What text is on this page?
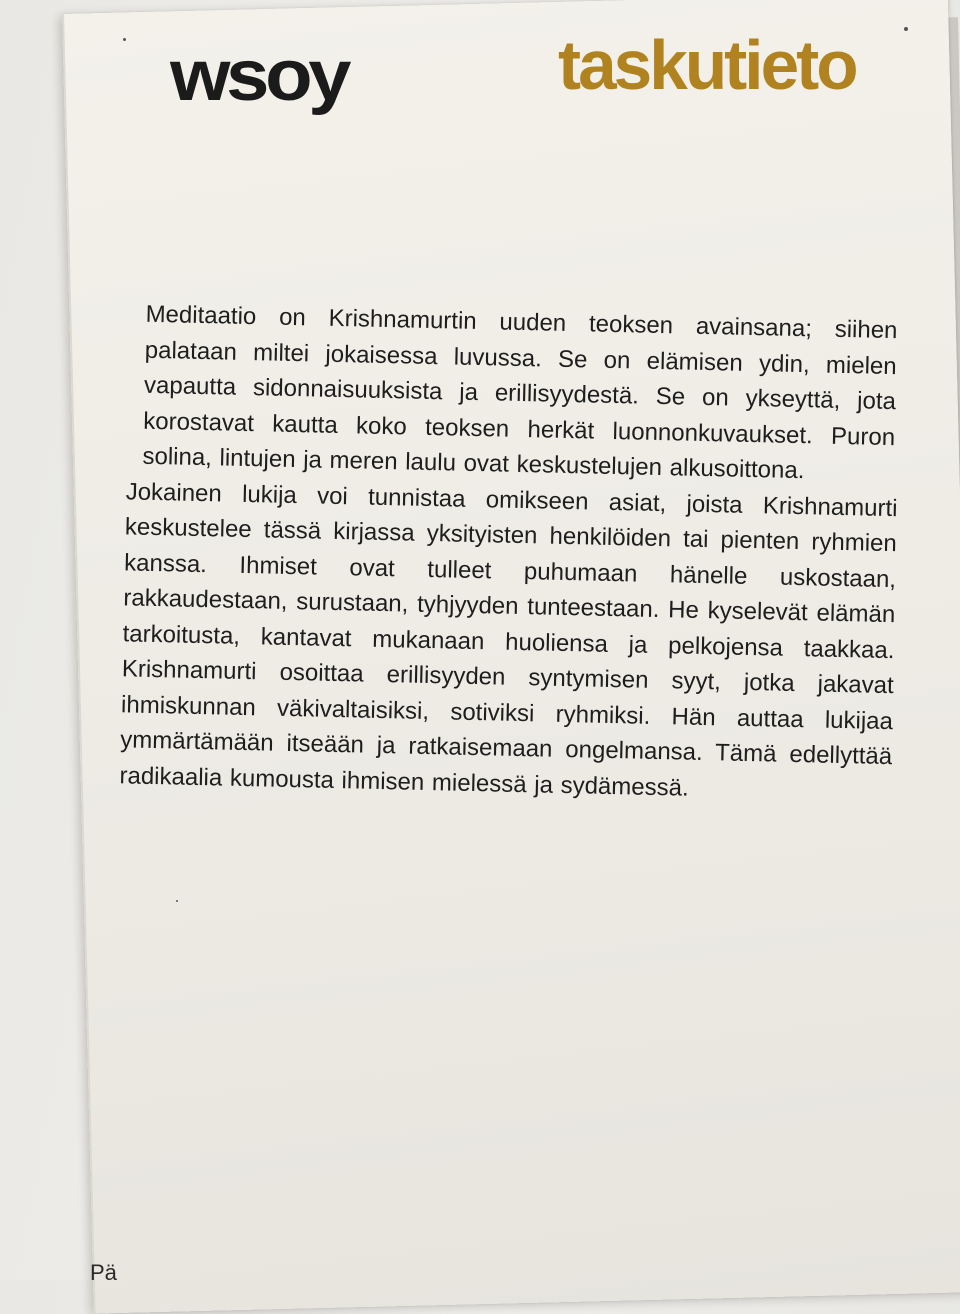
wsoy	taskutieto

Meditaatio on Krishnamurtin uuden teoksen avainsana; siihen palataan miltei jokaisessa luvussa. Se on elämisen ydin, mielen vapautta sidonnaisuuksista ja erillisyydestä. Se on ykseyttä, jota korostavat kautta koko teoksen herkät luonnonkuvaukset. Puron solina, lintujen ja meren laulu ovat keskustelujen alkusoittona.

Jokainen lukija voi tunnistaa omikseen asiat, joista Krishnamurti keskustelee tässä kirjassa yksityisten henkilöiden tai pienten ryhmien kanssa. Ihmiset ovat tulleet puhumaan hänelle uskostaan, rakkaudestaan, surustaan, tyhjyyden tunteestaan. He kyselevät elämän tarkoitusta, kantavat mukanaan huoliensa ja pelkojensa taakkaa. Krishnamurti osoittaa erillisyyden syntymisen syyt, jotka jakavat ihmiskunnan väkivaltaisiksi, sotiviksi ryhmiksi. Hän auttaa lukijaa ymmärtämään itseään ja ratkaisemaan ongelmansa. Tämä edellyttää radikaalia kumousta ihmisen mielessä ja sydämessä.

Pä
